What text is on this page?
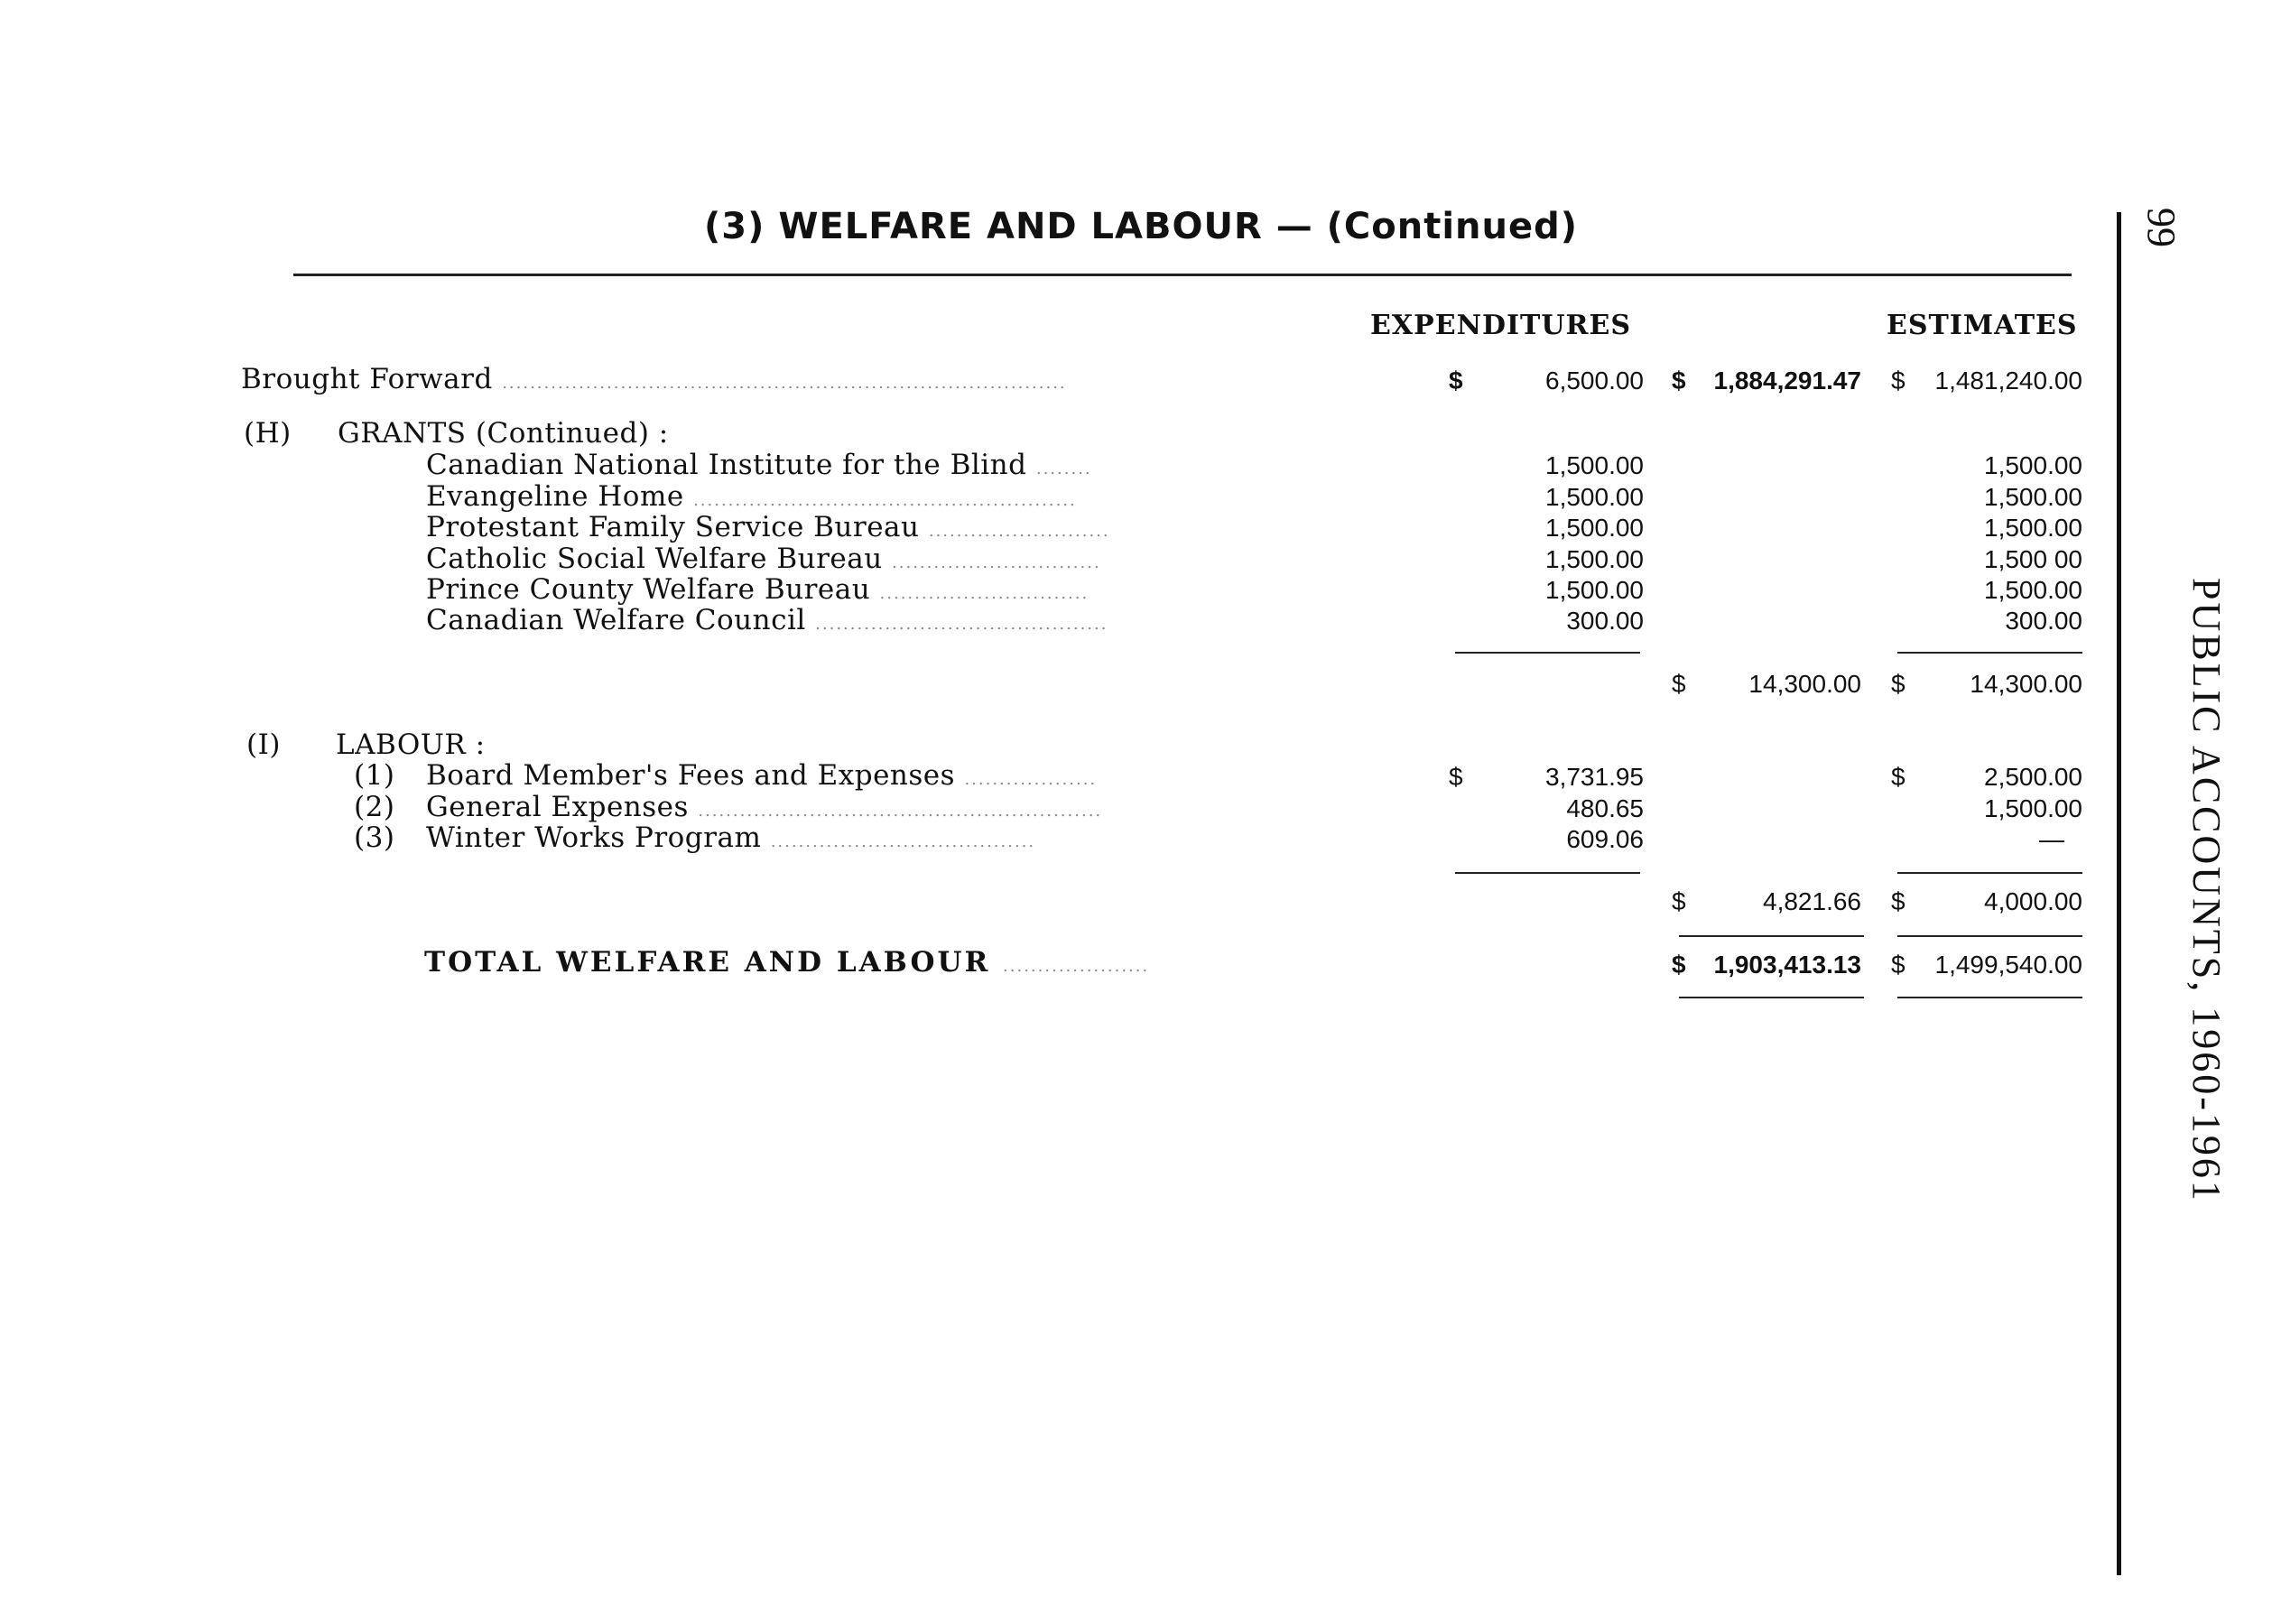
(3) WELFARE AND LABOUR — (Continued)
EXPENDITURES	ESTIMATES
Brought Forward .................................................................................	$	6,500.00 $ 1,884,291.47 $ 1,481,240.00
(H) GRANTS (Continued) :
Canadian National Institute for the Blind ........	1,500.00	1,500.00
Evangeline Home .......................................................	1,500.00	1,500.00
Protestant Family Service Bureau ..........................	1,500.00	1,500.00
Catholic Social Welfare Bureau ..............................	1,500.00	1,500 00
Prince County Welfare Bureau ..............................	1,500.00	1,500.00
Canadian Welfare Council ..........................................	300.00	300.00
$ 14,300.00 $	14,300.00
(I) LABOUR :
(1) Board Member's Fees and Expenses ...................	$	3,731.95	$	2,500.00
(2) General Expenses ..........................................................	480.65	1,500.00
(3) Winter Works Program ......................................	609.06	—
$	4,821.66 $	4,000.00
TOTAL WELFARE AND LABOUR .....................	$ 1,903,413.13 $ 1,499,540.00
99
PUBLIC ACCOUNTS, 1960-1961
